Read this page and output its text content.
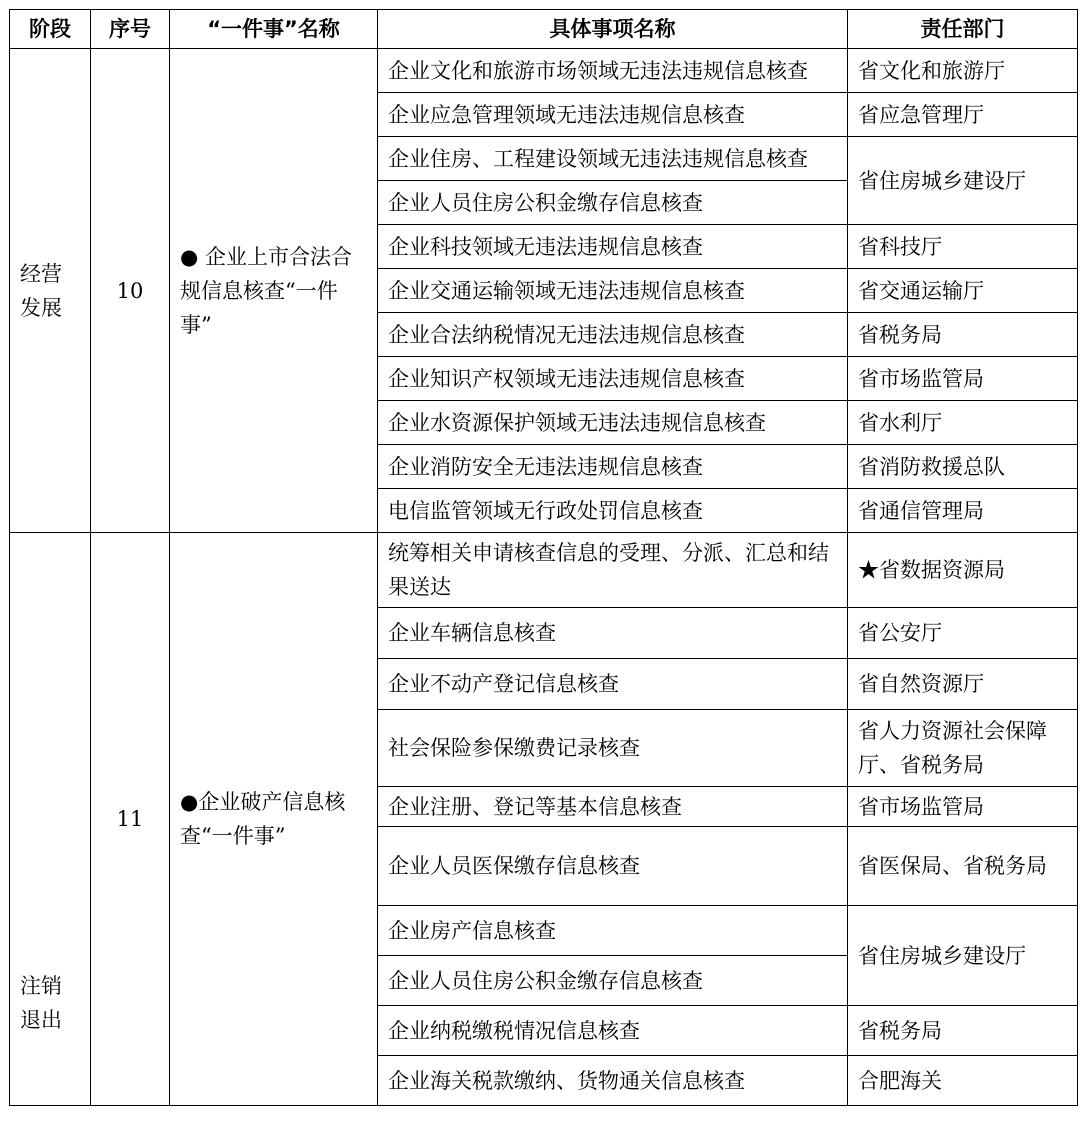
阶段	序号	“一件事”名称	具体事项名称	责任部门

经营
发展	10	● 企业上市合法合规信息核查“一件事”	企业文化和旅游市场领域无违法违规信息核查	省文化和旅游厅
			企业应急管理领域无违法违规信息核查	省应急管理厅
			企业住房、工程建设领域无违法违规信息核查	省住房城乡建设厅
			企业人员住房公积金缴存信息核查	
			企业科技领域无违法违规信息核查	省科技厅
			企业交通运输领域无违法违规信息核查	省交通运输厅
			企业合法纳税情况无违法违规信息核查	省税务局
			企业知识产权领域无违法违规信息核查	省市场监管局
			企业水资源保护领域无违法违规信息核查	省水利厅
			企业消防安全无违法违规信息核查	省消防救援总队
			电信监管领域无行政处罚信息核查	省通信管理局

注销
退出	11	●企业破产信息核查“一件事”	统筹相关申请核查信息的受理、分派、汇总和结果送达	★省数据资源局
			企业车辆信息核查	省公安厅
			企业不动产登记信息核查	省自然资源厅
			社会保险参保缴费记录核查	省人力资源社会保障厅、省税务局
			企业注册、登记等基本信息核查	省市场监管局
			企业人员医保缴存信息核查	省医保局、省税务局
			企业房产信息核查	省住房城乡建设厅
			企业人员住房公积金缴存信息核查	
			企业纳税缴税情况信息核查	省税务局
			企业海关税款缴纳、货物通关信息核查	合肥海关
